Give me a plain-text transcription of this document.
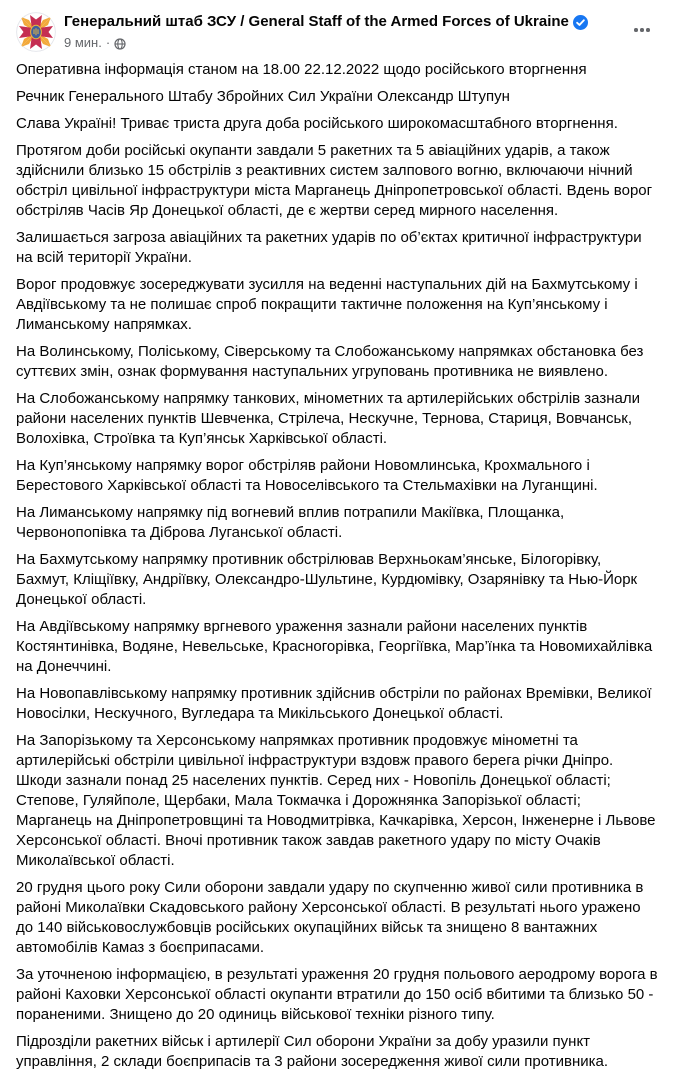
Генеральний штаб ЗСУ / General Staff of the Armed Forces of Ukraine
9 мин. ·

Оперативна інформація станом на 18.00 22.12.2022 щодо російського вторгнення

Речник Генерального Штабу Збройних Сил України Олександр Штупун

Слава Україні! Триває триста друга доба російського широкомасштабного вторгнення.

Протягом доби російські окупанти завдали 5 ракетних та 5 авіаційних ударів, а також здійснили близько 15 обстрілів з реактивних систем залпового вогню, включаючи нічний обстріл цивільної інфраструктури міста Марганець Дніпропетровської області. Вдень ворог обстріляв Часів Яр Донецької області, де є жертви серед мирного населення.

Залишається загроза авіаційних та ракетних ударів по об’єктах критичної інфраструктури на всій території України.

Ворог продовжує зосереджувати зусилля на веденні наступальних дій на Бахмутському і Авдіївському та не полишає спроб покращити тактичне положення на Куп’янському і Лиманському напрямках.

На Волинському, Поліському, Сіверському та Слобожанському напрямках обстановка без суттєвих змін, ознак формування наступальних угруповань противника не виявлено.

На Слобожанському напрямку танкових, мінометних та артилерійських обстрілів зазнали райони населених пунктів Шевченка, Стрілеча, Нескучне, Тернова, Стариця, Вовчанськ, Волохівка, Строївка та Куп’янськ Харківської області.

На Куп’янському напрямку ворог обстріляв райони Новомлинська, Крохмального і Берестового Харківської області та Новоселівського та Стельмахівки на Луганщині.

На Лиманському напрямку під вогневий вплив потрапили Макіївка, Площанка, Червонопопівка та Діброва Луганської області.

На Бахмутському напрямку противник обстрілював Верхньокам’янське, Білогорівку, Бахмут, Кліщіївку, Андріївку, Олександро-Шультине, Курдюмівку, Озарянівку та Нью-Йорк Донецької області.

На Авдіївському напрямку вргневого ураження зазнали райони населених пунктів Костянтинівка, Водяне, Невельське, Красногорівка, Георгіївка, Мар’їнка та Новомихайлівка на Донеччині.

На Новопавлівському напрямку противник здійснив обстріли по районах Времівки, Великої Новосілки, Нескучного, Вугледара та Микільського Донецької області.

На Запорізькому та Херсонському напрямках противник продовжує мінометні та артилерійські обстріли цивільної інфраструктури вздовж правого берега річки Дніпро. Шкоди зазнали понад 25 населених пунктів. Серед них - Новопіль Донецької області; Степове, Гуляйполе, Щербаки, Мала Токмачка і Дорожнянка Запорізької області; Марганець на Дніпропетровщині та Новодмитрівка, Качкарівка, Херсон, Інженерне і Львове Херсонської області. Вночі противник також завдав ракетного удару по місту Очаків Миколаївської області.

20 грудня цього року Сили оборони завдали удару по скупченню живої сили противника в районі Миколаївки Скадовського району Херсонської області. В результаті нього уражено до 140 військовослужбовців російських окупаційних військ та знищено 8 вантажних автомобілів Камаз з боєприпасами.

За уточненою інформацією, в результаті ураження 20 грудня польового аеродрому ворога в районі Каховки Херсонської області окупанти втратили до 150 осіб вбитими та близько 50 - пораненими. Знищено до 20 одиниць військової техніки різного типу.

Підрозділи ракетних військ і артилерії Сил оборони України за добу уразили пункт управління, 2 склади боєприпасів та 3 райони зосередження живої сили противника.
